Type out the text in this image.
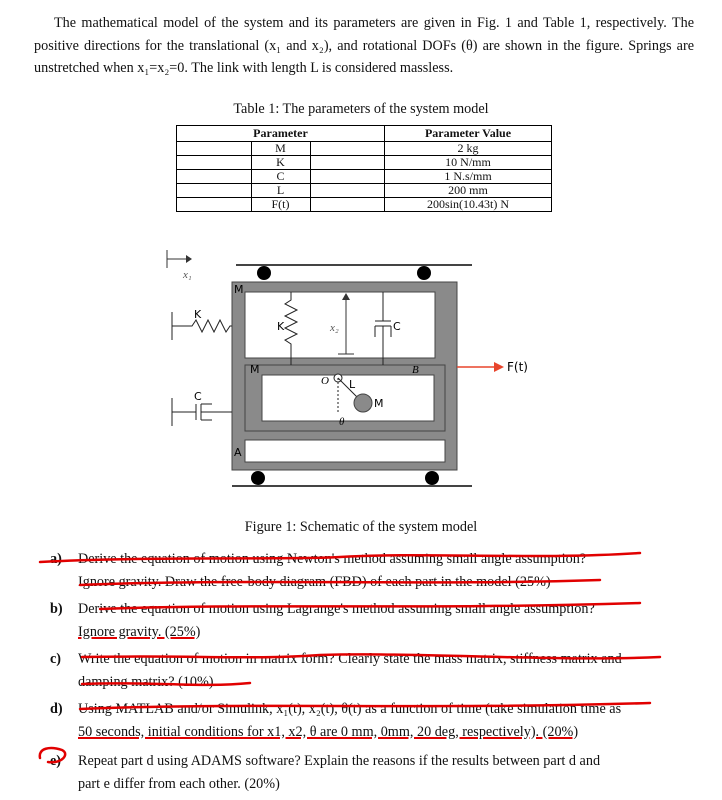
The mathematical model of the system and its parameters are given in Fig. 1 and Table 1, respectively. The positive directions for the translational (x₁ and x₂), and rotational DOFs (θ) are shown in the figure. Springs are unstretched when x₁=x₂=0. The link with length L is considered massless.
Table 1: The parameters of the system model
Parameter	Parameter Value
M	2 kg
K	10 N/mm
C	1 N.s/mm
L	200 mm
F(t)	200sin(10.43t) N
x₁
M
A
M	B
K	x₂	C
O L
M
θ
K
C
F(t)
Figure 1: Schematic of the system model
a) Derive the equation of motion using Newton's method assuming small angle assumption?
Ignore gravity. Draw the free-body diagram (FBD) of each part in the model (25%)
b) Derive the equation of motion using Lagrange's method assuming small angle assumption?
Ignore gravity. (25%)
c) Write the equation of motion in matrix form? Clearly state the mass matrix, stiffness matrix and
damping matrix? (10%)
d) Using MATLAB and/or Simulink, x₁(t), x₂(t), θ(t) as a function of time (take simulation time as
50 seconds, initial conditions for x1, x2, θ are 0 mm, 0mm, 20 deg, respectively). (20%)
e) Repeat part d using ADAMS software? Explain the reasons if the results between part d and
part e differ from each other. (20%)
